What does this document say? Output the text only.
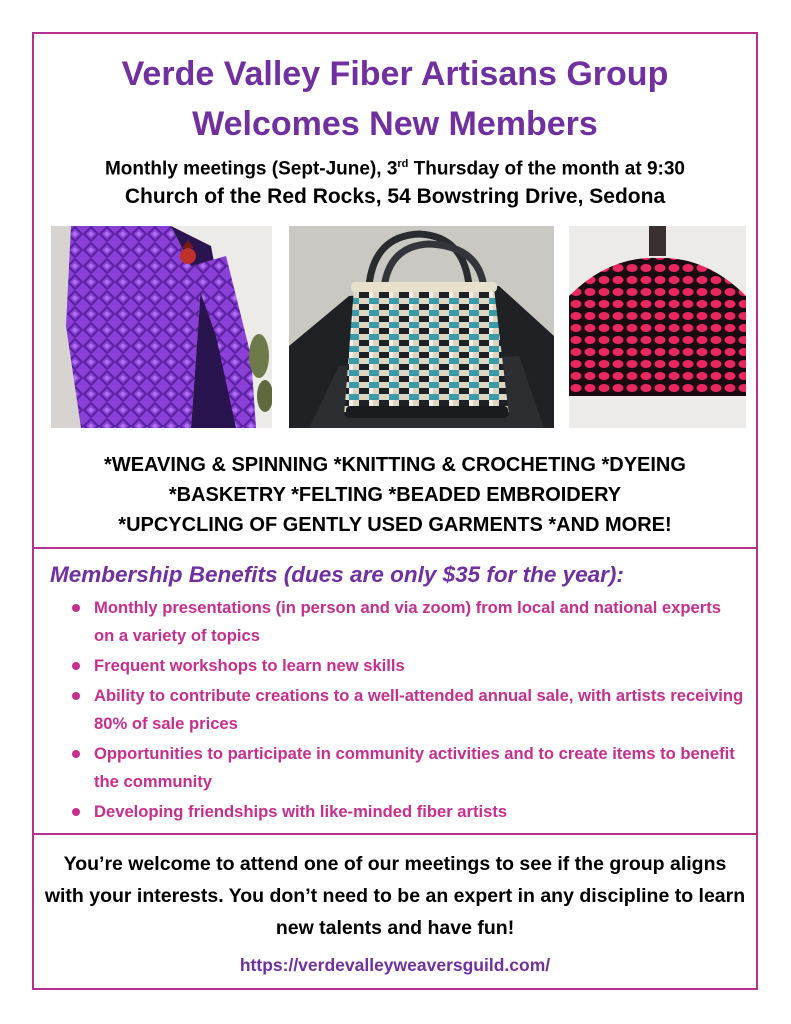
Verde Valley Fiber Artisans Group
Welcomes New Members
Monthly meetings (Sept-June), 3rd Thursday of the month at 9:30
Church of the Red Rocks, 54 Bowstring Drive, Sedona
*WEAVING & SPINNING *KNITTING & CROCHETING *DYEING
*BASKETRY *FELTING *BEADED EMBROIDERY
*UPCYCLING OF GENTLY USED GARMENTS *AND MORE!
Membership Benefits (dues are only $35 for the year):
Monthly presentations (in person and via zoom) from local and national experts on a variety of topics
Frequent workshops to learn new skills
Ability to contribute creations to a well-attended annual sale, with artists receiving 80% of sale prices
Opportunities to participate in community activities and to create items to benefit the community
Developing friendships with like-minded fiber artists
You’re welcome to attend one of our meetings to see if the group aligns with your interests. You don’t need to be an expert in any discipline to learn new talents and have fun!
https://verdevalleyweaversguild.com/
